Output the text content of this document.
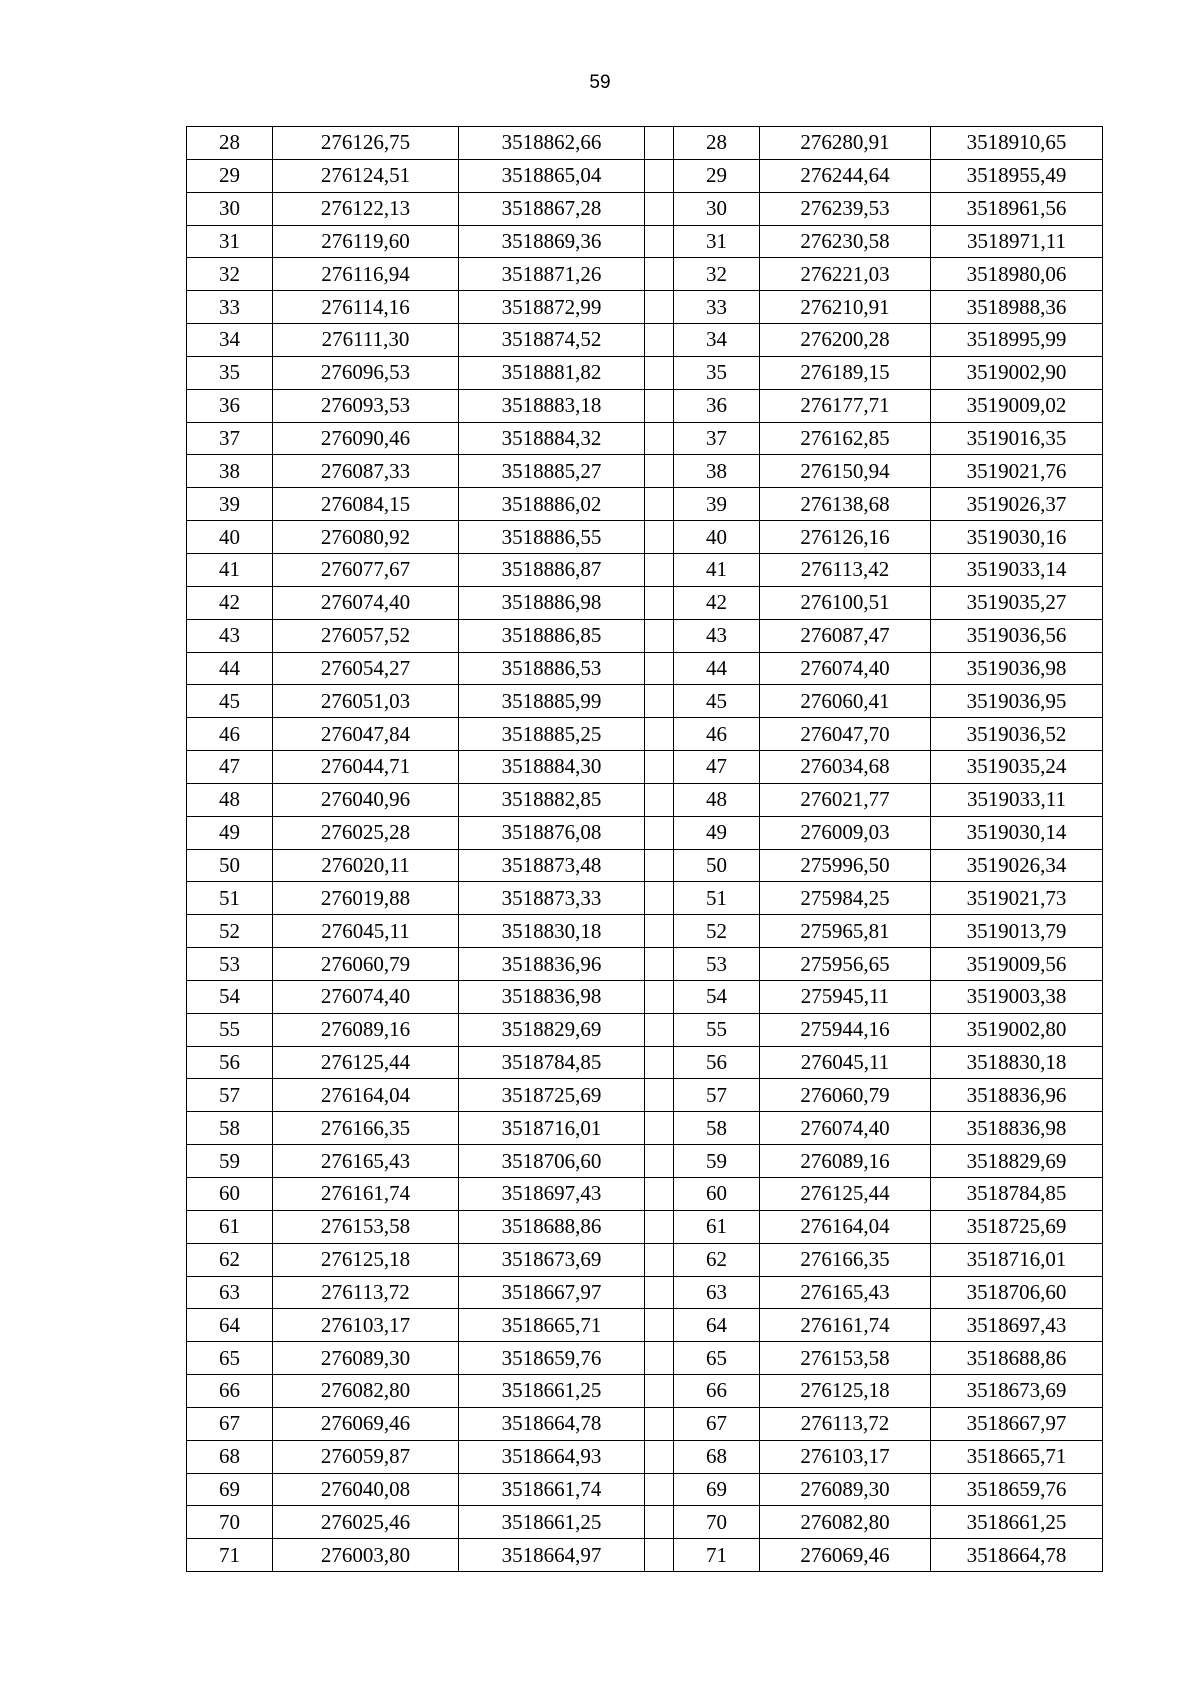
59
28	276126,75	3518862,66		28	276280,91	3518910,65
29	276124,51	3518865,04		29	276244,64	3518955,49
30	276122,13	3518867,28		30	276239,53	3518961,56
31	276119,60	3518869,36		31	276230,58	3518971,11
32	276116,94	3518871,26		32	276221,03	3518980,06
33	276114,16	3518872,99		33	276210,91	3518988,36
34	276111,30	3518874,52		34	276200,28	3518995,99
35	276096,53	3518881,82		35	276189,15	3519002,90
36	276093,53	3518883,18		36	276177,71	3519009,02
37	276090,46	3518884,32		37	276162,85	3519016,35
38	276087,33	3518885,27		38	276150,94	3519021,76
39	276084,15	3518886,02		39	276138,68	3519026,37
40	276080,92	3518886,55		40	276126,16	3519030,16
41	276077,67	3518886,87		41	276113,42	3519033,14
42	276074,40	3518886,98		42	276100,51	3519035,27
43	276057,52	3518886,85		43	276087,47	3519036,56
44	276054,27	3518886,53		44	276074,40	3519036,98
45	276051,03	3518885,99		45	276060,41	3519036,95
46	276047,84	3518885,25		46	276047,70	3519036,52
47	276044,71	3518884,30		47	276034,68	3519035,24
48	276040,96	3518882,85		48	276021,77	3519033,11
49	276025,28	3518876,08		49	276009,03	3519030,14
50	276020,11	3518873,48		50	275996,50	3519026,34
51	276019,88	3518873,33		51	275984,25	3519021,73
52	276045,11	3518830,18		52	275965,81	3519013,79
53	276060,79	3518836,96		53	275956,65	3519009,56
54	276074,40	3518836,98		54	275945,11	3519003,38
55	276089,16	3518829,69		55	275944,16	3519002,80
56	276125,44	3518784,85		56	276045,11	3518830,18
57	276164,04	3518725,69		57	276060,79	3518836,96
58	276166,35	3518716,01		58	276074,40	3518836,98
59	276165,43	3518706,60		59	276089,16	3518829,69
60	276161,74	3518697,43		60	276125,44	3518784,85
61	276153,58	3518688,86		61	276164,04	3518725,69
62	276125,18	3518673,69		62	276166,35	3518716,01
63	276113,72	3518667,97		63	276165,43	3518706,60
64	276103,17	3518665,71		64	276161,74	3518697,43
65	276089,30	3518659,76		65	276153,58	3518688,86
66	276082,80	3518661,25		66	276125,18	3518673,69
67	276069,46	3518664,78		67	276113,72	3518667,97
68	276059,87	3518664,93		68	276103,17	3518665,71
69	276040,08	3518661,74		69	276089,30	3518659,76
70	276025,46	3518661,25		70	276082,80	3518661,25
71	276003,80	3518664,97		71	276069,46	3518664,78
